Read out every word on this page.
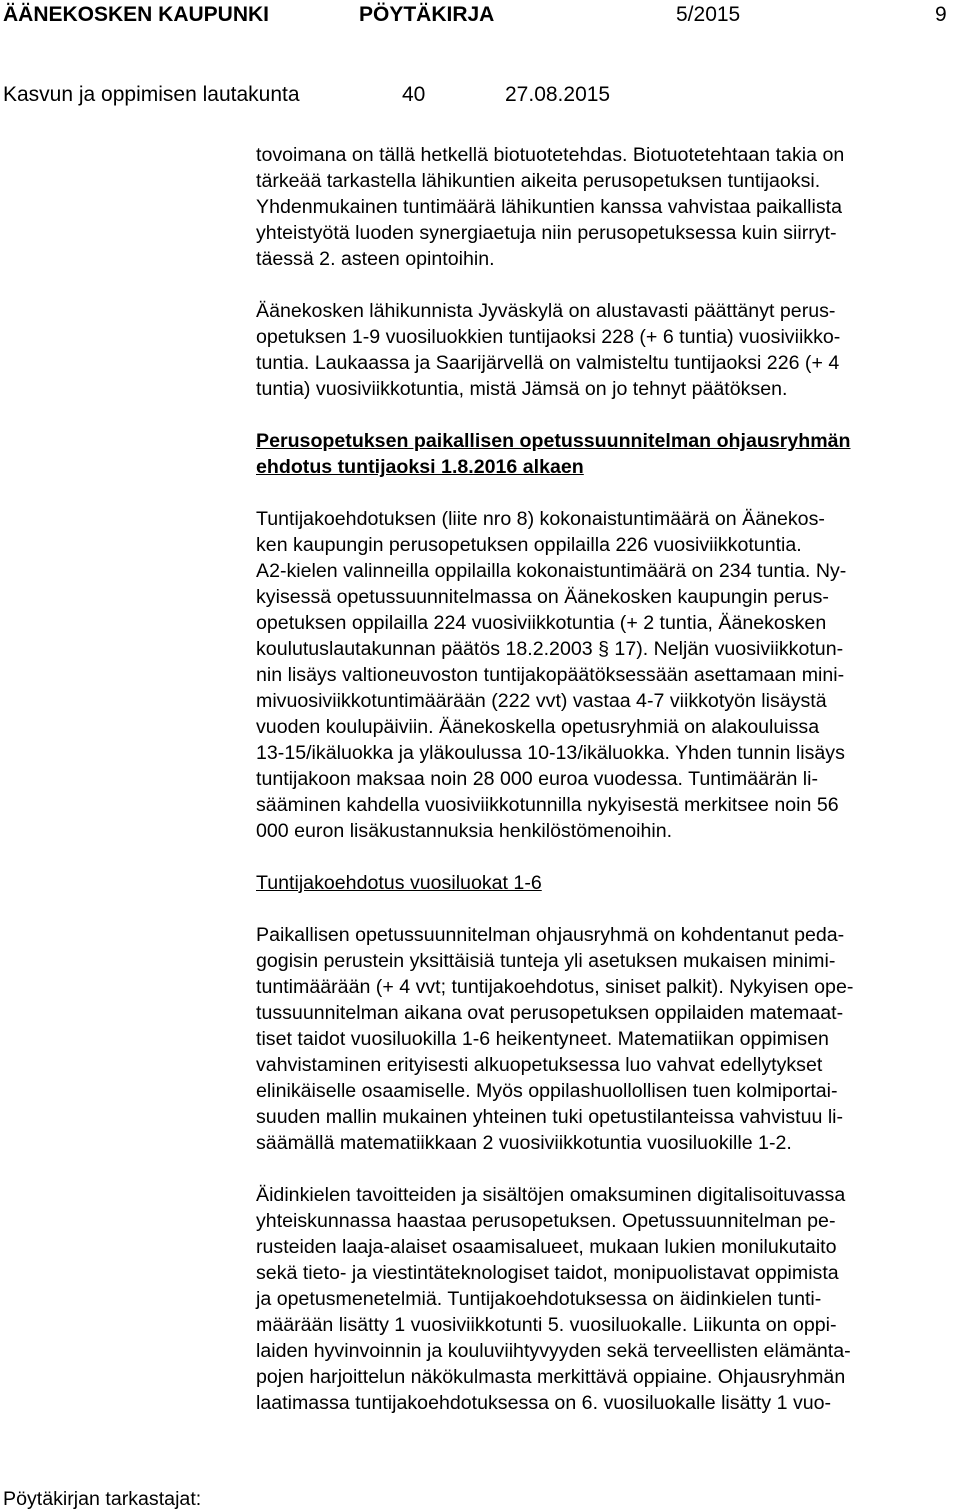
ÄÄNEKOSKEN KAUPUNKI	PÖYTÄKIRJA	5/2015	9
Kasvun ja oppimisen lautakunta	40	27.08.2015
tovoimana on tällä hetkellä biotuotetehdas. Biotuotetehtaan takia on
tärkeää tarkastella lähikuntien aikeita perusopetuksen tuntijaoksi.
Yhdenmukainen tuntimäärä lähikuntien kanssa vahvistaa paikallista
yhteistyötä luoden synergiaetuja niin perusopetuksessa kuin siirryt-
täessä 2. asteen opintoihin.
Äänekosken lähikunnista Jyväskylä on alustavasti päättänyt perus-
opetuksen 1-9 vuosiluokkien tuntijaoksi 228 (+ 6 tuntia) vuosiviikko-
tuntia. Laukaassa ja Saarijärvellä on valmisteltu tuntijaoksi 226 (+ 4
tuntia) vuosiviikkotuntia, mistä Jämsä on jo tehnyt päätöksen.
Perusopetuksen paikallisen opetussuunnitelman ohjausryhmän
ehdotus tuntijaoksi 1.8.2016 alkaen
Tuntijakoehdotuksen (liite nro 8) kokonaistuntimäärä on Äänekos-
ken kaupungin perusopetuksen oppilailla 226 vuosiviikkotuntia.
A2-kielen valinneilla oppilailla kokonaistuntimäärä on 234 tuntia. Ny-
kyisessä opetussuunnitelmassa on Äänekosken kaupungin perus-
opetuksen oppilailla 224 vuosiviikkotuntia (+ 2 tuntia, Äänekosken
koulutuslautakunnan päätös 18.2.2003 § 17). Neljän vuosiviikkotun-
nin lisäys valtioneuvoston tuntijakopäätöksessään asettamaan mini-
mivuosiviikkotuntimäärään (222 vvt) vastaa 4-7 viikkotyön lisäystä
vuoden koulupäiviin. Äänekoskella opetusryhmiä on alakouluissa
13-15/ikäluokka ja yläkoulussa 10-13/ikäluokka. Yhden tunnin lisäys
tuntijakoon maksaa noin 28 000 euroa vuodessa. Tuntimäärän li-
sääminen kahdella vuosiviikkotunnilla nykyisestä merkitsee noin 56
000 euron lisäkustannuksia henkilöstömenoihin.
Tuntijakoehdotus vuosiluokat 1-6
Paikallisen opetussuunnitelman ohjausryhmä on kohdentanut peda-
gogisin perustein yksittäisiä tunteja yli asetuksen mukaisen minimi-
tuntimäärään (+ 4 vvt; tuntijakoehdotus, siniset palkit). Nykyisen ope-
tussuunnitelman aikana ovat perusopetuksen oppilaiden matemaat-
tiset taidot vuosiluokilla 1-6 heikentyneet. Matematiikan oppimisen
vahvistaminen erityisesti alkuopetuksessa luo vahvat edellytykset
elinikäiselle osaamiselle. Myös oppilashuollollisen tuen kolmiportai-
suuden mallin mukainen yhteinen tuki opetustilanteissa vahvistuu li-
säämällä matematiikkaan 2 vuosiviikkotuntia vuosiluokille 1-2.
Äidinkielen tavoitteiden ja sisältöjen omaksuminen digitalisoituvassa
yhteiskunnassa haastaa perusopetuksen. Opetussuunnitelman pe-
rusteiden laaja-alaiset osaamisalueet, mukaan lukien monilukutaito
sekä tieto- ja viestintäteknologiset taidot, monipuolistavat oppimista
ja opetusmenetelmiä. Tuntijakoehdotuksessa on äidinkielen tunti-
määrään lisätty 1 vuosiviikkotunti 5. vuosiluokalle. Liikunta on oppi-
laiden hyvinvoinnin ja kouluviihtyvyyden sekä terveellisten elämänta-
pojen harjoittelun näkökulmasta merkittävä oppiaine. Ohjausryhmän
laatimassa tuntijakoehdotuksessa on 6. vuosiluokalle lisätty 1 vuo-
Pöytäkirjan tarkastajat:
